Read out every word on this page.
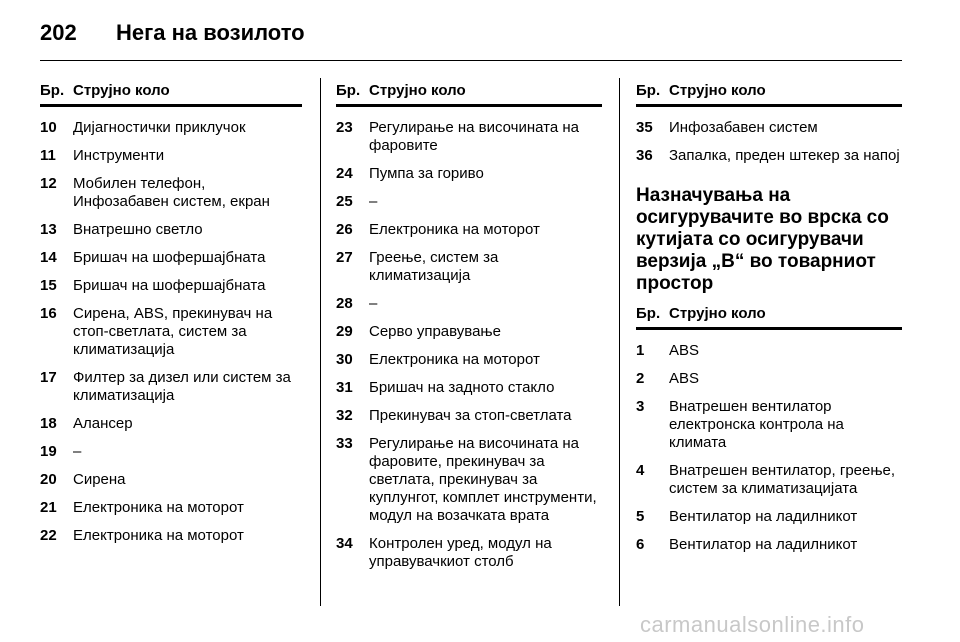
202 Нега на возилото
Бр. Струјно коло
10	Дијагностички приклучок
11	Инструменти
12	Мобилен телефон, Инфозабавен систем, екран
13	Внатрешно светло
14	Бришач на шофершајбната
15	Бришач на шофершајбната
16	Сирена, ABS, прекинувач на стоп-светлата, систем за климатизација
17	Филтер за дизел или систем за климатизација
18	Алансер
19	–
20	Сирена
21	Електроника на моторот
22	Електроника на моторот
Бр. Струјно коло
23	Регулирање на височината на фаровите
24	Пумпа за гориво
25	–
26	Електроника на моторот
27	Греење, систем за климатизација
28	–
29	Серво управување
30	Електроника на моторот
31	Бришач на задното стакло
32	Прекинувач за стоп-светлата
33	Регулирање на височината на фаровите, прекинувач за светлата, прекинувач за куплунгот, комплет инструменти, модул на возачката врата
34	Контролен уред, модул на управувачкиот столб
Бр. Струјно коло
35	Инфозабавен систем
36	Запалка, преден штекер за напој
Назначувања на осигурувачите во врска со кутијата со осигурувачи верзија „B“ во товарниот простор
Бр. Струјно коло
1	ABS
2	ABS
3	Внатрешен вентилатор електронска контрола на климата
4	Внатрешен вентилатор, греење, систем за климатизацијата
5	Вентилатор на ладилникот
6	Вентилатор на ладилникот
carmanualsonline.info
